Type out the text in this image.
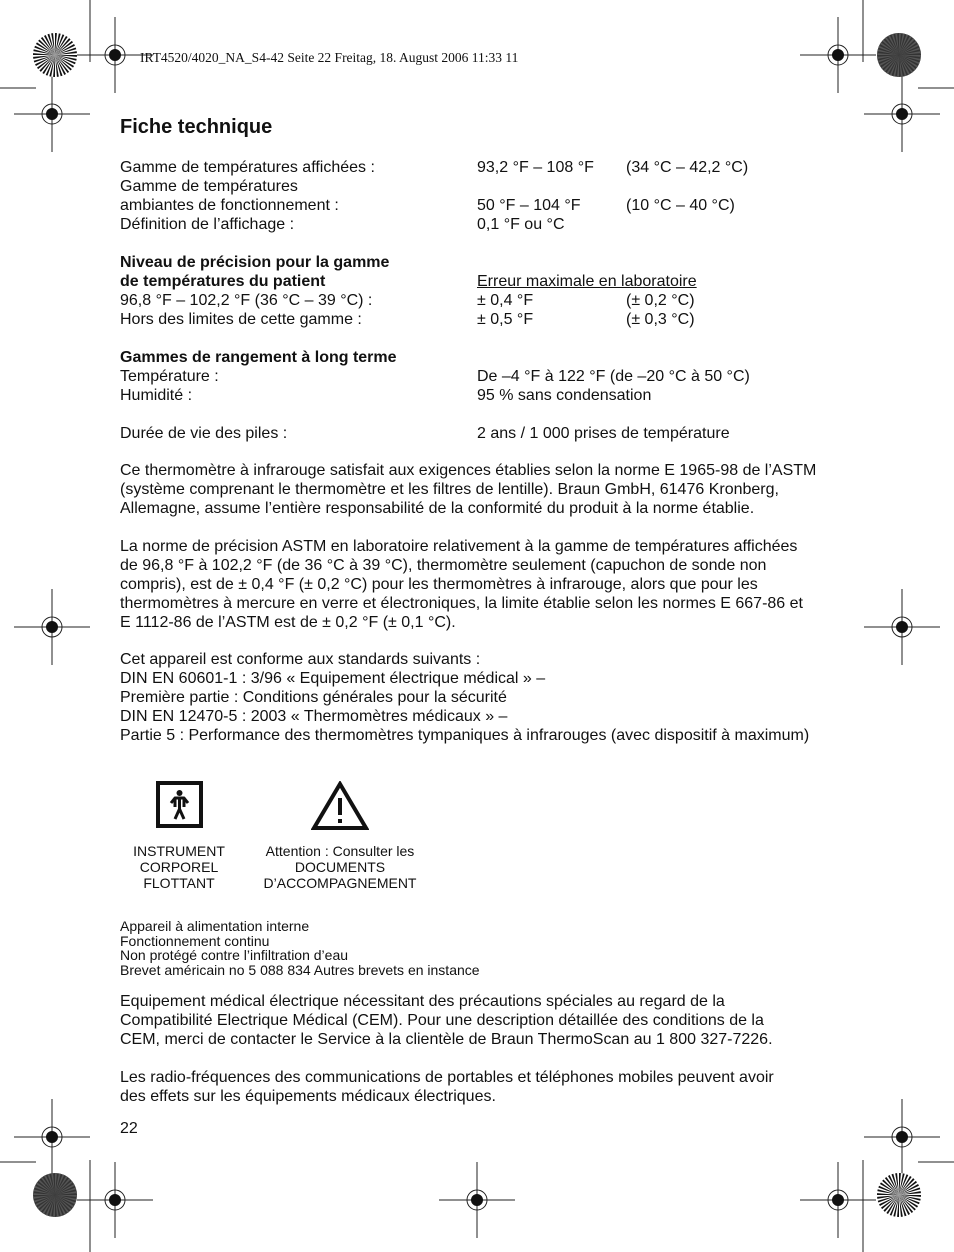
IRT4520/4020_NA_S4-42 Seite 22 Freitag, 18. August 2006 11:33 11
Fiche technique
Gamme de températures affichées :	93,2 °F – 108 °F (34 °C – 42,2 °C)
Gamme de températures
ambiantes de fonctionnement :	50 °F – 104 °F	(10 °C – 40 °C)
Définition de l’affichage :	0,1 °F ou °C
Niveau de précision pour la gamme
de températures du patient	Erreur maximale en laboratoire
96,8 °F – 102,2 °F (36 °C – 39 °C) :	± 0,4 °F	(± 0,2 °C)
Hors des limites de cette gamme :	± 0,5 °F	(± 0,3 °C)
Gammes de rangement à long terme
Température :	De –4 °F à 122 °F (de –20 °C à 50 °C)
Humidité :	95 % sans condensation
Durée de vie des piles :	2 ans / 1 000 prises de température
Ce thermomètre à infrarouge satisfait aux exigences établies selon la norme E 1965-98 de l’ASTM
(système comprenant le thermomètre et les filtres de lentille). Braun GmbH, 61476 Kronberg,
Allemagne, assume l’entière responsabilité de la conformité du produit à la norme établie.
La norme de précision ASTM en laboratoire relativement à la gamme de températures affichées
de 96,8 °F à 102,2 °F (de 36 °C à 39 °C), thermomètre seulement (capuchon de sonde non
compris), est de ± 0,4 °F (± 0,2 °C) pour les thermomètres à infrarouge, alors que pour les
thermomètres à mercure en verre et électroniques, la limite établie selon les normes E 667-86 et
E 1112-86 de l’ASTM est de ± 0,2 °F (± 0,1 °C).
Cet appareil est conforme aux standards suivants :
DIN EN 60601-1 : 3/96 « Equipement électrique médical » –
Première partie : Conditions générales pour la sécurité
DIN EN 12470-5 : 2003 « Thermomètres médicaux » –
Partie 5 : Performance des thermomètres tympaniques à infrarouges (avec dispositif à maximum)
INSTRUMENT
CORPOREL
FLOTTANT
Attention : Consulter les
DOCUMENTS
D’ACCOMPAGNEMENT
Appareil à alimentation interne
Fonctionnement continu
Non protégé contre l’infiltration d’eau
Brevet américain no 5 088 834 Autres brevets en instance
Equipement médical électrique nécessitant des précautions spéciales au regard de la
Compatibilité Electrique Médical (CEM). Pour une description détaillée des conditions de la
CEM, merci de contacter le Service à la clientèle de Braun ThermoScan au 1 800 327-7226.
Les radio-fréquences des communications de portables et téléphones mobiles peuvent avoir
des effets sur les équipements médicaux électriques.
22
